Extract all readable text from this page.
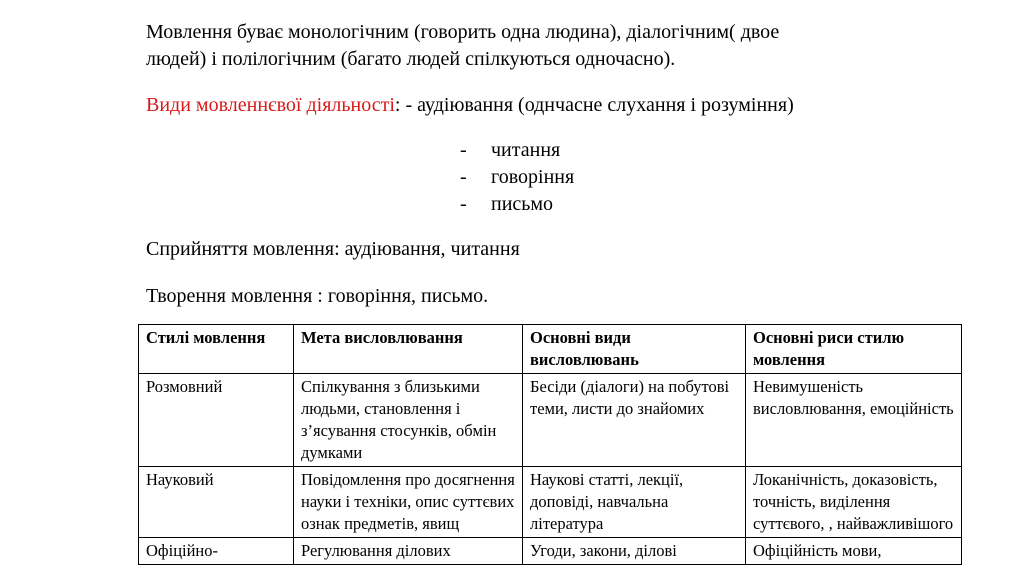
Мовлення буває монологічним (говорить одна людина), діалогічним( двое
людей) і полілогічним (багато людей спілкуються одночасно).
Види мовленнєвої діяльності: - аудіювання (однчасне слухання і розуміння)
- читання
- говоріння
- письмо
Сприйняття мовлення: аудіювання, читання
Творення мовлення : говоріння, письмо.
Стилі мовлення	Мета висловлювання	Основні види висловлювань	Основні риси стилю мовлення
Розмовний	Спілкування з близькими людьми, становлення і з’ясування стосунків, обмін думками	Бесіди (діалоги) на побутові теми, листи до знайомих	Невимушеність висловлювання, емоційність
Науковий	Повідомлення про досягнення науки і техніки, опис суттєвих ознак предметів, явищ	Наукові статті, лекції, доповіді, навчальна література	Локанічність, доказовість, точність, виділення суттєвого, , найважливішого
Офіційно-	Регулювання ділових	Угоди, закони, ділові	Офіційність мови,
